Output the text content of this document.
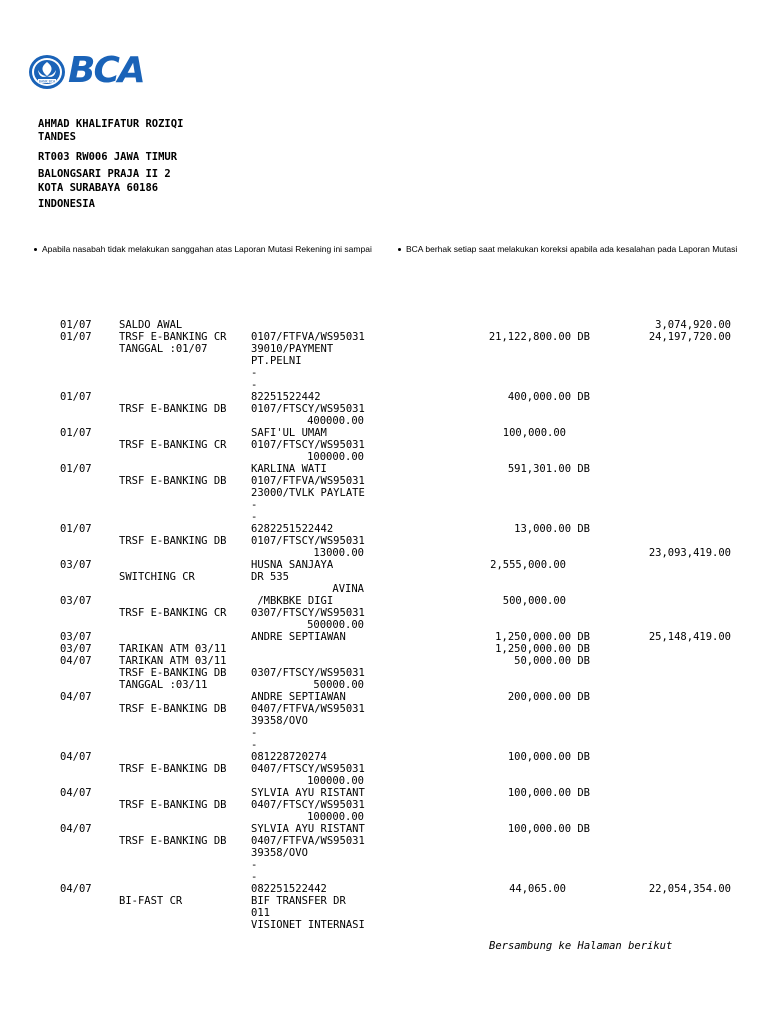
BANK BCA BCA
AHMAD KHALIFATUR ROZIQI
TANDES
RT003 RW006 JAWA TIMUR
BALONGSARI PRAJA II 2
KOTA SURABAYA 60186
INDONESIA
Apabila nasabah tidak melakukan sanggahan atas Laporan Mutasi Rekening ini sampai	BCA berhak setiap saat melakukan koreksi apabila ada kesalahan pada Laporan Mutasi
01/07	SALDO AWAL	3,074,920.00
01/07	TRSF E-BANKING CR 0107/FTFVA/WS95031	21,122,800.00 DB	24,197,720.00
TANGGAL :01/07	39010/PAYMENT
PT.PELNI
-
-
01/07	82251522442	400,000.00 DB
TRSF E-BANKING DB 0107/FTSCY/WS95031
400000.00
01/07	SAFI'UL UMAM	100,000.00
TRSF E-BANKING CR 0107/FTSCY/WS95031
100000.00
01/07	KARLINA WATI	591,301.00 DB
TRSF E-BANKING DB 0107/FTFVA/WS95031
23000/TVLK PAYLATE
-
-
01/07	6282251522442	13,000.00 DB
TRSF E-BANKING DB 0107/FTSCY/WS95031
13000.00	23,093,419.00
03/07	HUSNA SANJAYA	2,555,000.00
SWITCHING CR	DR 535
AVINA
03/07	/MBKBKE DIGI	500,000.00
TRSF E-BANKING CR 0307/FTSCY/WS95031
500000.00
03/07	ANDRE SEPTIAWAN	1,250,000.00 DB	25,148,419.00
03/07	TARIKAN ATM 03/11	1,250,000.00 DB
04/07	TARIKAN ATM 03/11	50,000.00 DB
TRSF E-BANKING DB 0307/FTSCY/WS95031
TANGGAL :03/11	50000.00
04/07	ANDRE SEPTIAWAN	200,000.00 DB
TRSF E-BANKING DB 0407/FTFVA/WS95031
39358/OVO
-
-
04/07	081228720274	100,000.00 DB
TRSF E-BANKING DB 0407/FTSCY/WS95031
100000.00
04/07	SYLVIA AYU RISTANT	100,000.00 DB
TRSF E-BANKING DB 0407/FTSCY/WS95031
100000.00
04/07	SYLVIA AYU RISTANT	100,000.00 DB
TRSF E-BANKING DB 0407/FTFVA/WS95031
39358/OVO
-
-
04/07	082251522442	44,065.00	22,054,354.00
BI-FAST CR	BIF TRANSFER DR
011
VISIONET INTERNASI
Bersambung ke Halaman berikut
